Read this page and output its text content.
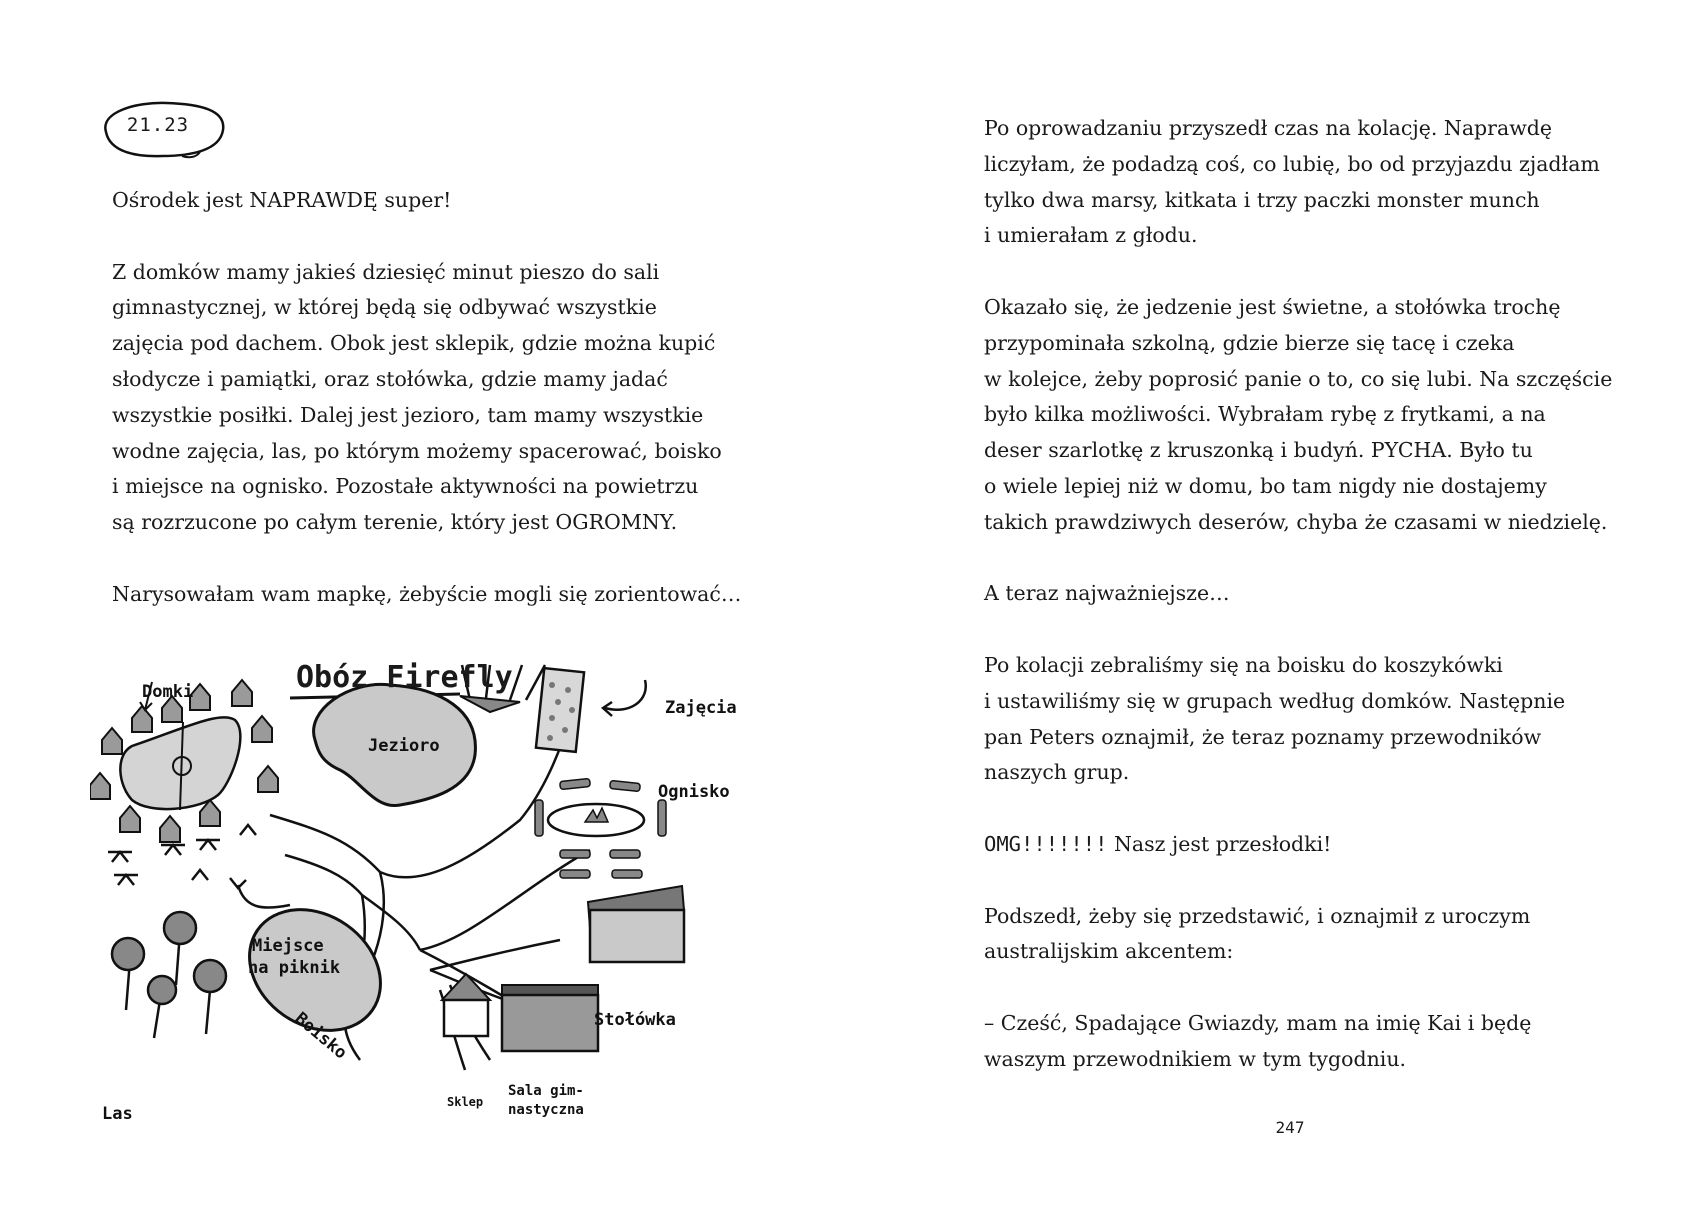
21.23

Ośrodek jest NAPRAWDĘ super!

Z domków mamy jakieś dziesięć minut pieszo do sali

gimnastycznej, w której będą się odbywać wszystkie

zajęcia pod dachem. Obok jest sklepik, gdzie można kupić

słodycze i pamiątki, oraz stołówka, gdzie mamy jadać

wszystkie posiłki. Dalej jest jezioro, tam mamy wszystkie

wodne zajęcia, las, po którym możemy spacerować, boisko

i miejsce na ognisko. Pozostałe aktywności na powietrzu

są rozrzucone po całym terenie, który jest OGROMNY.

Narysowałam wam mapkę, żebyście mogli się zorientować…

Obóz Firefly
Domki
Jezioro
Zajęcia
Ognisko
Miejsce
na piknik
Boisko	Stołówka
Sklep
Sala gim-
nastyczna
Las

Po oprowadzaniu przyszedł czas na kolację. Naprawdę

liczyłam, że podadzą coś, co lubię, bo od przyjazdu zjadłam

tylko dwa marsy, kitkata i trzy paczki monster munch

i umierałam z głodu.

Okazało się, że jedzenie jest świetne, a stołówka trochę

przypominała szkolną, gdzie bierze się tacę i czeka

w kolejce, żeby poprosić panie o to, co się lubi. Na szczęście

było kilka możliwości. Wybrałam rybę z frytkami, a na

deser szarlotkę z kruszonką i budyń. PYCHA. Było tu

o wiele lepiej niż w domu, bo tam nigdy nie dostajemy

takich prawdziwych deserów, chyba że czasami w niedzielę.

A teraz najważniejsze…

Po kolacji zebraliśmy się na boisku do koszykówki

i ustawiliśmy się w grupach według domków. Następnie

pan Peters oznajmił, że teraz poznamy przewodników

naszych grup.

OMG!!!!!!! Nasz jest przesłodki!

Podszedł, żeby się przedstawić, i oznajmił z uroczym

australijskim akcentem:

– Cześć, Spadające Gwiazdy, mam na imię Kai i będę

waszym przewodnikiem w tym tygodniu.

247
